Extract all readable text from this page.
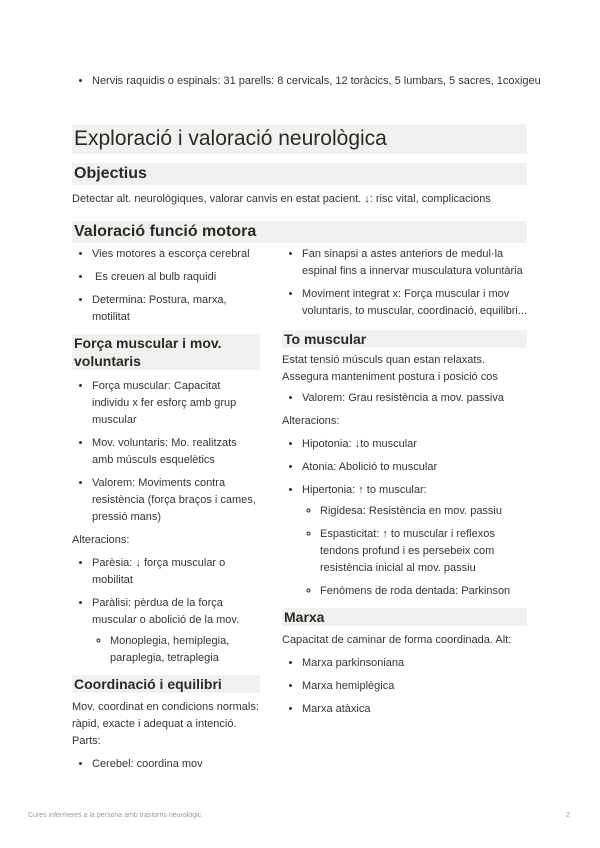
• Nervis raquidis o espinals: 31 parells: 8 cervicals, 12 toràcics, 5 lumbars, 5 sacres, 1coxigeu
Exploració i valoració neurològica
Objectius

Detectar alt. neurològiques, valorar canvis en estat pacient. ↓: risc vital, complicacions

Valoració funció motora
• Vies motores a escorça cerebral
•  Es creuen al bulb raquidi
• Determina: Postura, marxa, motilitat
Força muscular i mov. voluntaris
• Força muscular: Capacitat individu x fer esforç amb grup muscular
• Mov. voluntaris: Mo. realitzats amb músculs esquelètics
• Valorem: Moviments contra resistència (força braços i cames, pressió mans)

Alteracions:

• Parèsia: ↓ força muscular o mobilitat
• Paràlisi: pèrdua de la força muscular o abolició de la mov.
◦ Monoplegia, hemiplegia, paraplegia, tetraplegia
Coordinació i equilibri

Mov. coordinat en condicions normals: ràpid, exacte i adequat a intenció. Parts:

• Cerebel: coordina mov
• Fan sinapsi a astes anteriors de medul·la espinal fins a innervar musculatura voluntària
• Moviment integrat x: Força muscular i mov voluntaris, to muscular, coordinació, equilibri...
To muscular

Estat tensió músculs quan estan relaxats. Assegura manteniment postura i posició cos

• Valorem: Grau resistència a mov. passiva

Alteracions:

• Hipotonia: ↓to muscular
• Atonia: Abolició to muscular
• Hipertonia: ↑ to muscular:
◦ Rigidesa: Resistència en mov. passiu
◦ Espasticitat: ↑ to muscular i reflexos tendons profund i es persebeix com resistència inicial al mov. passiu
◦ Fenòmens de roda dentada: Parkinson
Marxa

Capacitat de caminar de forma coordinada. Alt:

• Marxa parkinsoniana
• Marxa hemiplègica
• Marxa atàxica
Cures infermeres a la persona amb trastorns neurològic	2
